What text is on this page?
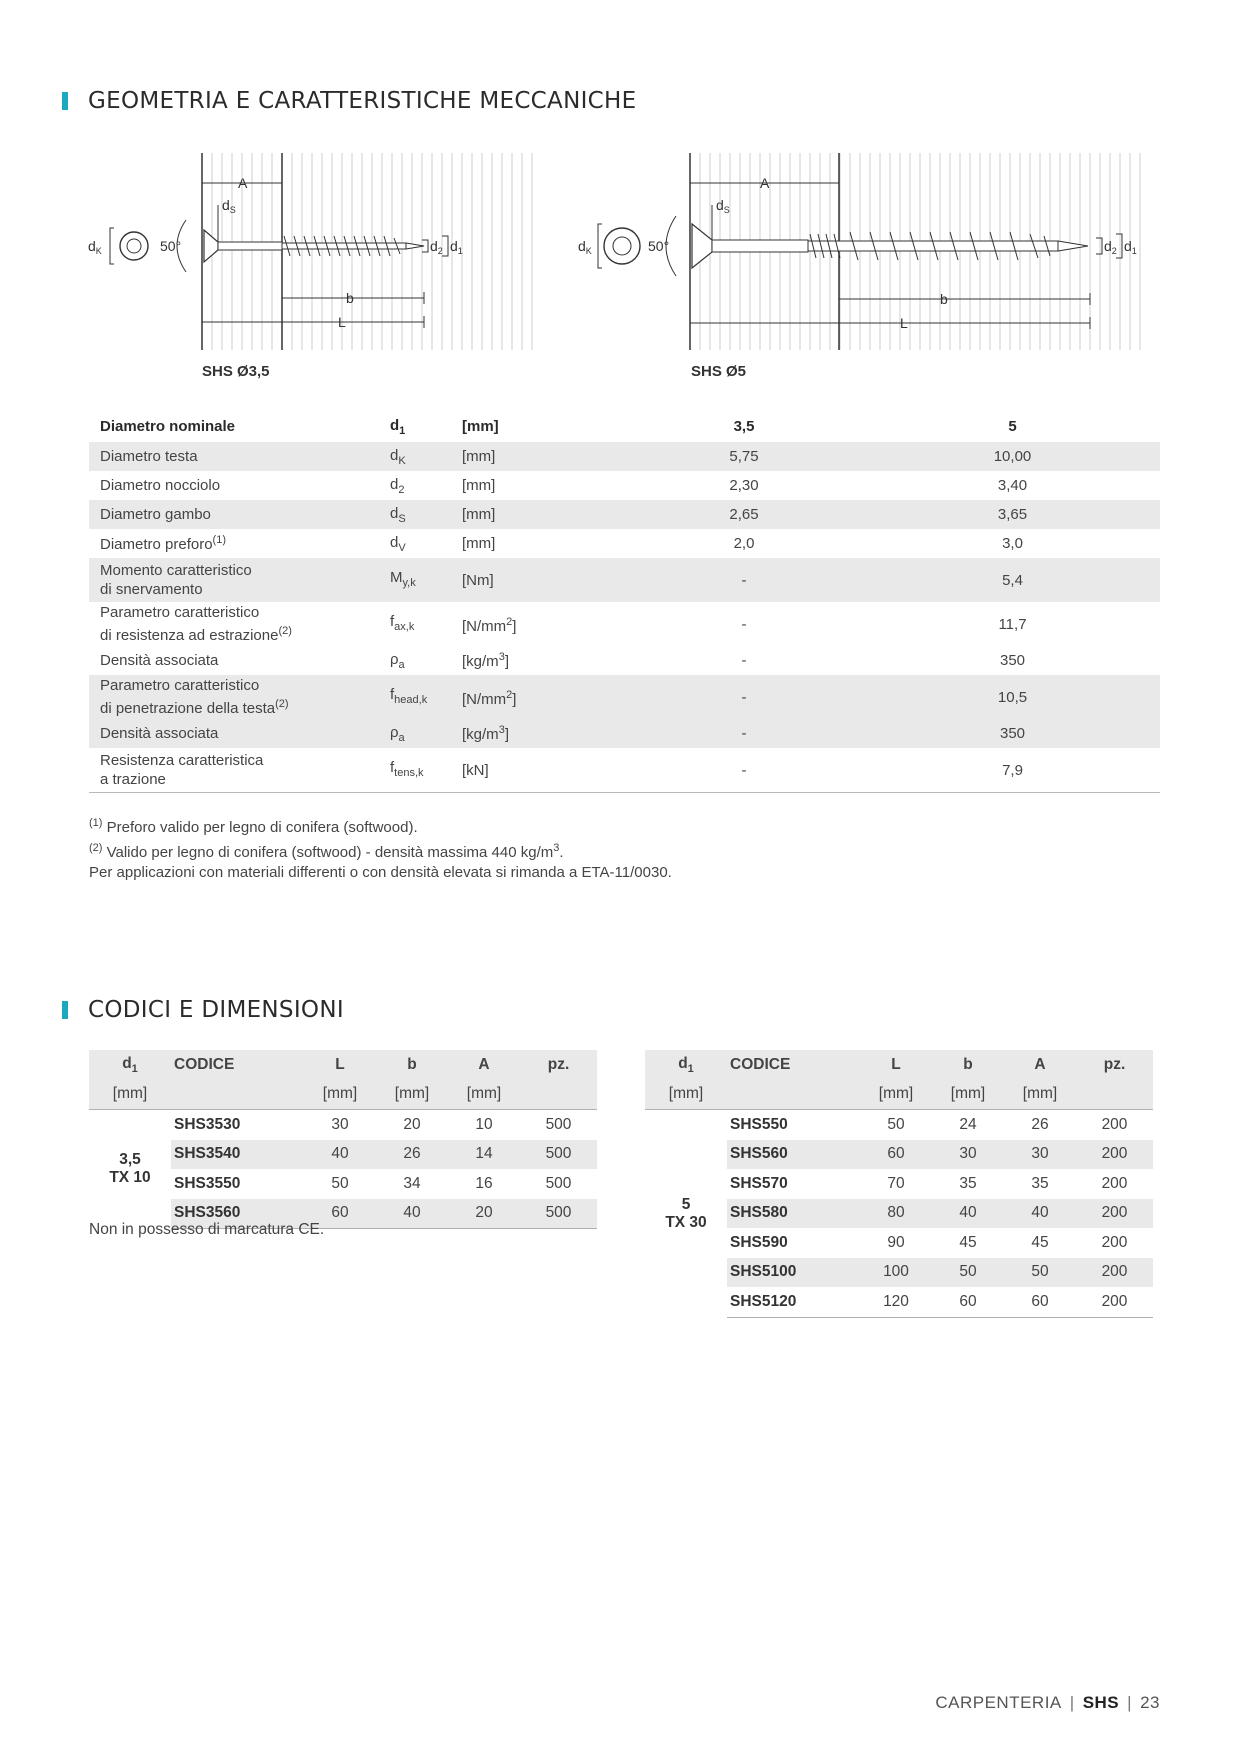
GEOMETRIA E CARATTERISTICHE MECCANICHE
$d_K$	50°
A
$d_S$
$d_2$ $d_1$
b
L
SHS Ø3,5
$d_K$	50°
A
$d_S$
$d_2$ $d_1$
b
L
SHS Ø5
Diametro nominale	$d_1$	[mm]	3,5	5
Diametro testa	$d_K$	[mm]	5,75	10,00
Diametro nocciolo	$d_2$	[mm]	2,30	3,40
Diametro gambo	$d_S$	[mm]	2,65	3,65
Diametro preforo$^{(1)}$	$d_V$	[mm]	2,0	3,0
Momento caratteristico
di snervamento	$M_{y,k}$	[Nm]	-	5,4
Parametro caratteristico
di resistenza ad estrazione$^{(2)}$	$f_{ax,k}$	$[N/mm^2]$	-	11,7
Densità associata	$\rho_a$	$[kg/m^3]$	-	350
Parametro caratteristico
di penetrazione della testa$^{(2)}$	$f_{head,k}$	$[N/mm^2]$	-	10,5
Densità associata	$\rho_a$	$[kg/m^3]$	-	350
Resistenza caratteristica
a trazione	$f_{tens,k}$	[kN]	-	7,9
$^{(1)}$ Preforo valido per legno di conifera (softwood).
$^{(2)}$ Valido per legno di conifera (softwood) - densità massima 440 $kg/m^3$.
Per applicazioni con materiali differenti o con densità elevata si rimanda a ETA-11/0030.
CODICI E DIMENSIONI
$d_1$	CODICE	L	b	A	pz.
[mm]		[mm]	[mm]	[mm]	
3,5
TX 10	SHS3530	30	20	10	500
	SHS3540	40	26	14	500
	SHS3550	50	34	16	500
	SHS3560	60	40	20	500
Non in possesso di marcatura CE.
$d_1$	CODICE	L	b	A	pz.
[mm]		[mm]	[mm]	[mm]	
5
TX 30	SHS550	50	24	26	200
	SHS560	60	30	30	200
	SHS570	70	35	35	200
	SHS580	80	40	40	200
	SHS590	90	45	45	200
	SHS5100	100	50	50	200
	SHS5120	120	60	60	200
CARPENTERIA | SHS | 23
